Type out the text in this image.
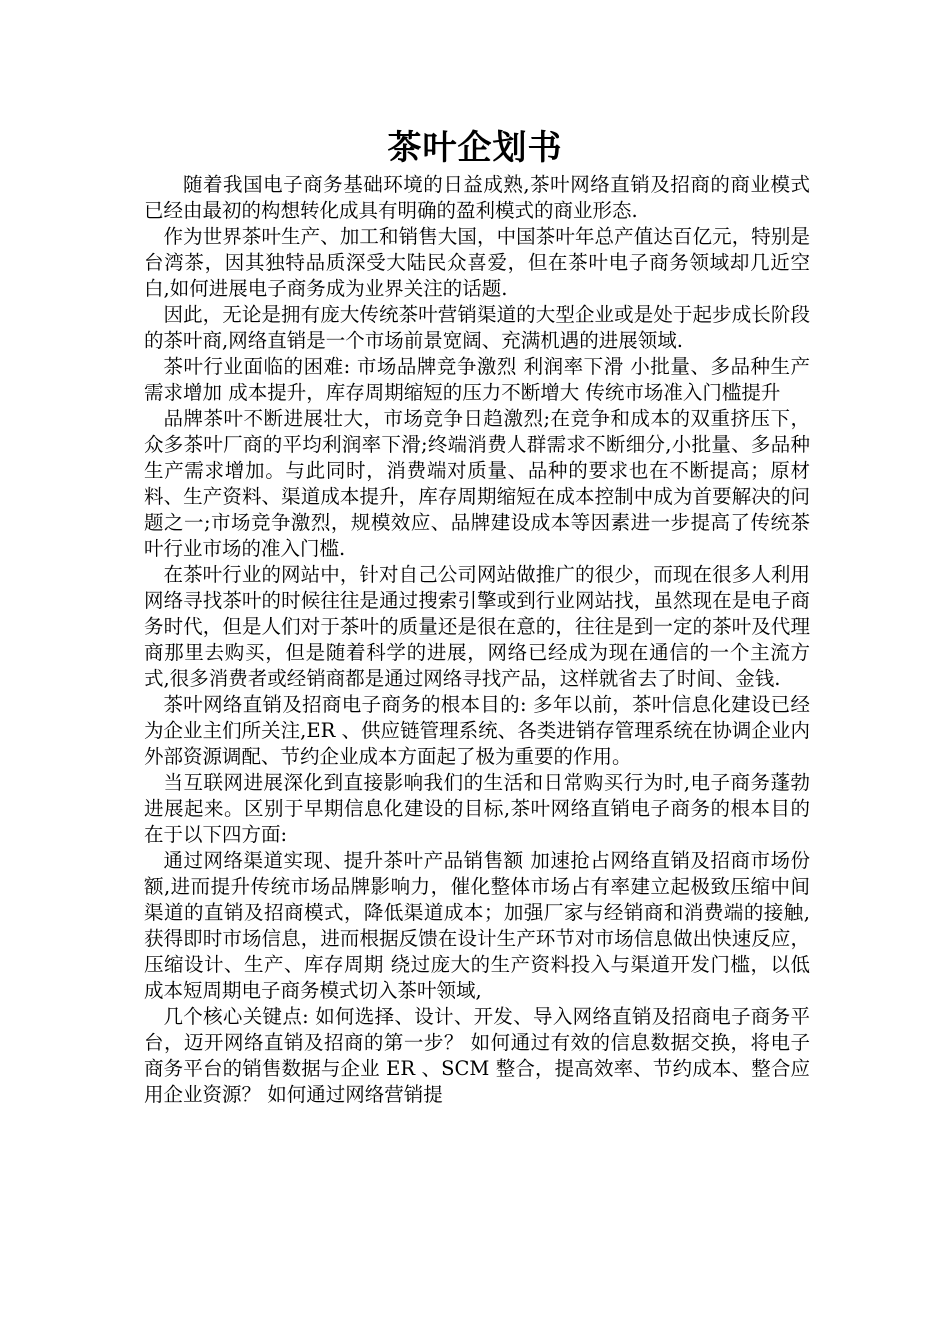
茶叶企划书

随着我国电子商务基础环境的日益成熟,茶叶网络直销及招商的商业模式已经由最初的构想转化成具有明确的盈利模式的商业形态.

作为世界茶叶生产、加工和销售大国，中国茶叶年总产值达百亿元，特别是台湾茶，因其独特品质深受大陆民众喜爱，但在茶叶电子商务领域却几近空白,如何进展电子商务成为业界关注的话题.

因此，无论是拥有庞大传统茶叶营销渠道的大型企业或是处于起步成长阶段的茶叶商,网络直销是一个市场前景宽阔、充满机遇的进展领域.

茶叶行业面临的困难: 市场品牌竞争激烈 利润率下滑 小批量、多品种生产需求增加 成本提升，库存周期缩短的压力不断增大 传统市场准入门槛提升

品牌茶叶不断进展壮大，市场竞争日趋激烈;在竞争和成本的双重挤压下，众多茶叶厂商的平均利润率下滑;终端消费人群需求不断细分,小批量、多品种生产需求增加。与此同时，消费端对质量、品种的要求也在不断提高；原材料、生产资料、渠道成本提升，库存周期缩短在成本控制中成为首要解决的问题之一;市场竞争激烈，规模效应、品牌建设成本等因素进一步提高了传统茶叶行业市场的准入门槛.

在茶叶行业的网站中，针对自己公司网站做推广的很少，而现在很多人利用网络寻找茶叶的时候往往是通过搜索引擎或到行业网站找，虽然现在是电子商务时代，但是人们对于茶叶的质量还是很在意的，往往是到一定的茶叶及代理商那里去购买，但是随着科学的进展，网络已经成为现在通信的一个主流方式,很多消费者或经销商都是通过网络寻找产品，这样就省去了时间、金钱.

茶叶网络直销及招商电子商务的根本目的: 多年以前，茶叶信息化建设已经为企业主们所关注,ER 、供应链管理系统、各类进销存管理系统在协调企业内外部资源调配、节约企业成本方面起了极为重要的作用。

当互联网进展深化到直接影响我们的生活和日常购买行为时,电子商务蓬勃进展起来。区别于早期信息化建设的目标,茶叶网络直销电子商务的根本目的在于以下四方面:

通过网络渠道实现、提升茶叶产品销售额 加速抢占网络直销及招商市场份额,进而提升传统市场品牌影响力，催化整体市场占有率建立起极致压缩中间渠道的直销及招商模式，降低渠道成本；加强厂家与经销商和消费端的接触,获得即时市场信息，进而根据反馈在设计生产环节对市场信息做出快速反应，压缩设计、生产、库存周期 绕过庞大的生产资料投入与渠道开发门槛，以低成本短周期电子商务模式切入茶叶领域,

几个核心关键点: 如何选择、设计、开发、导入网络直销及招商电子商务平台，迈开网络直销及招商的第一步？ 如何通过有效的信息数据交换，将电子商务平台的销售数据与企业 ER 、SCM 整合，提高效率、节约成本、整合应用企业资源？ 如何通过网络营销提
